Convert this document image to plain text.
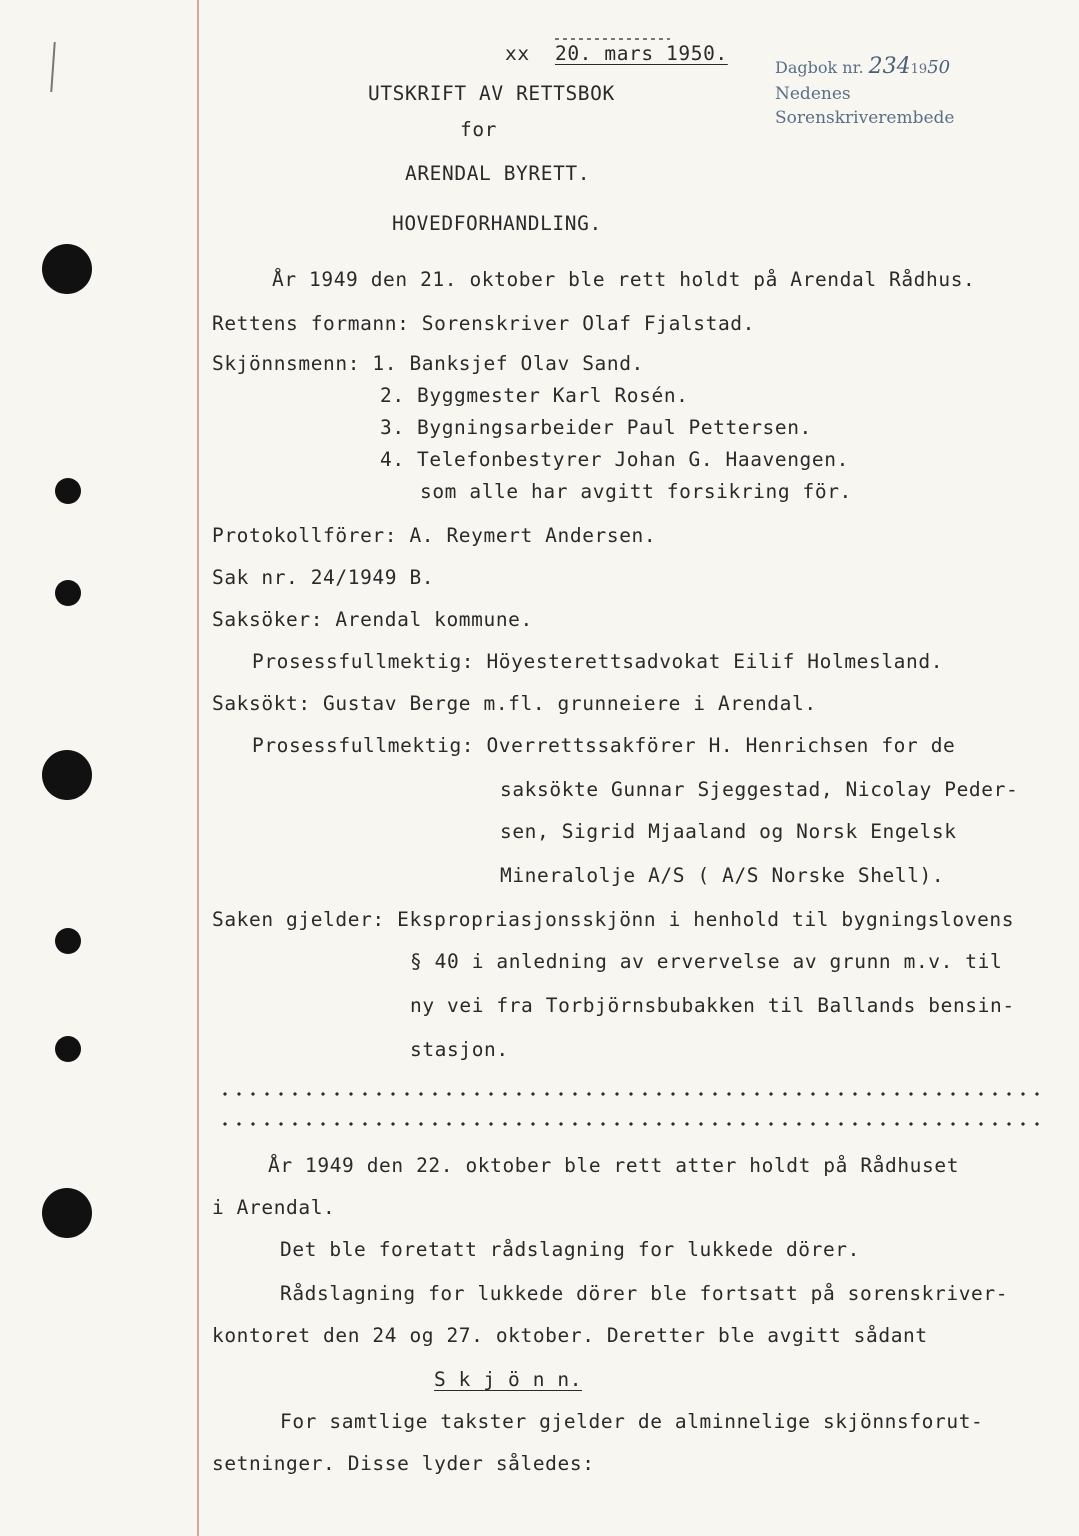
xx 20. mars 1950.
UTSKRIFT AV RETTSBOK
for
ARENDAL BYRETT.
HOVEDFORHANDLING.
Dagbok nr. 2341950
Nedenes Sorenskriverembede
År 1949 den 21. oktober ble rett holdt på Arendal Rådhus.
Rettens formann: Sorenskriver Olaf Fjalstad.
Skjönnsmenn: 1. Banksjef Olav Sand.
2. Byggmester Karl Rosén.
3. Bygningsarbeider Paul Pettersen.
4. Telefonbestyrer Johan G. Haavengen.
som alle har avgitt forsikring för.
Protokollförer: A. Reymert Andersen.
Sak nr. 24/1949 B.
Saksöker: Arendal kommune.
Prosessfullmektig: Höyesterettsadvokat Eilif Holmesland.
Saksökt: Gustav Berge m.fl. grunneiere i Arendal.
Prosessfullmektig: Overrettssakförer H. Henrichsen for de
saksökte Gunnar Sjeggestad, Nicolay Peder-
sen, Sigrid Mjaaland og Norsk Engelsk
Mineralolje A/S ( A/S Norske Shell).
Saken gjelder: Ekspropriasjonsskjönn i henhold til bygningslovens
§ 40 i anledning av ervervelse av grunn m.v. til
ny vei fra Torbjörnsbubakken til Ballands bensin-
stasjon.
År 1949 den 22. oktober ble rett atter holdt på Rådhuset
i Arendal.
Det ble foretatt rådslagning for lukkede dörer.
Rådslagning for lukkede dörer ble fortsatt på sorenskriver-
kontoret den 24 og 27. oktober. Deretter ble avgitt sådant
S k j ö n n.
For samtlige takster gjelder de alminnelige skjönnsforut-
setninger. Disse lyder således:
